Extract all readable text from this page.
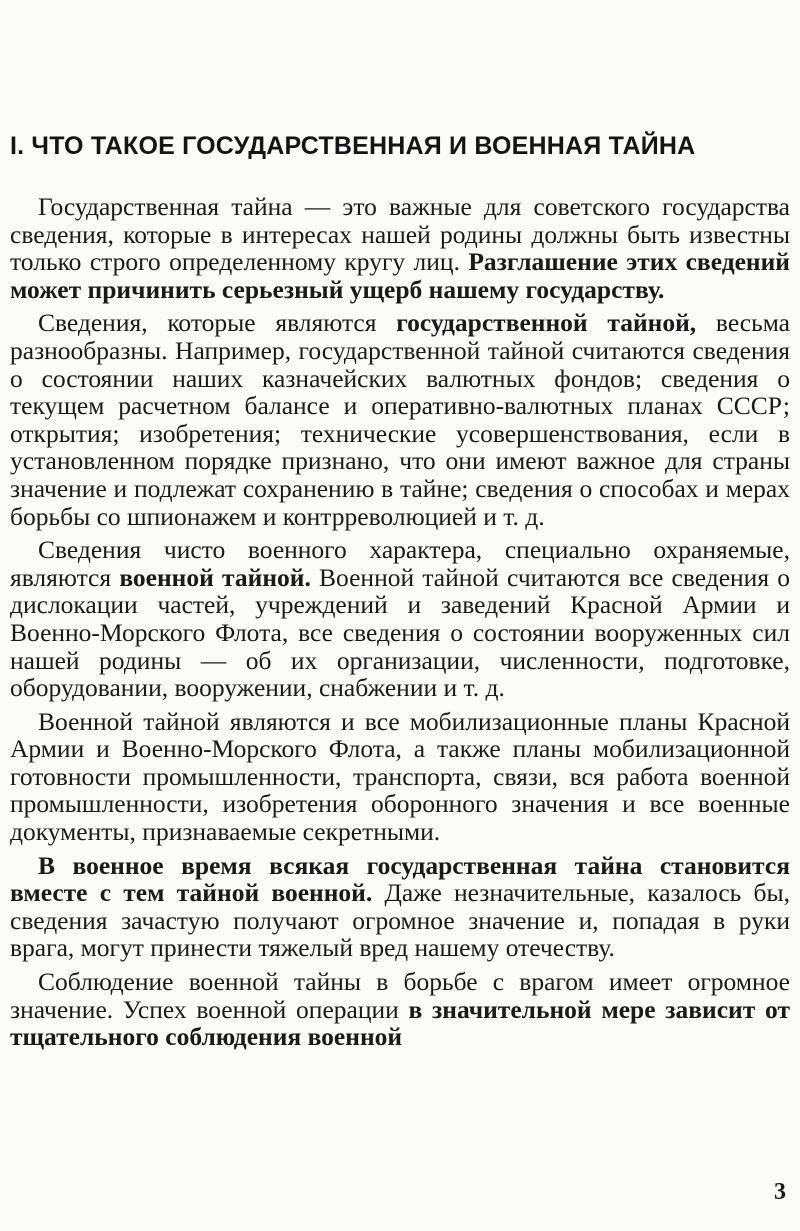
I. ЧТО ТАКОЕ ГОСУДАРСТВЕННАЯ И ВОЕННАЯ ТАЙНА

Государственная тайна — это важные для советского государства сведения, которые в интересах нашей родины должны быть известны только строго определенному кругу лиц. Разглашение этих сведений может причинить серьезный ущерб нашему государству.

Сведения, которые являются государственной тайной, весьма разнообразны. Например, государственной тайной считаются сведения о состоянии наших казначейских валютных фондов; сведения о текущем расчетном балансе и оперативно-валютных планах СССР; открытия; изобретения; технические усовершенствования, если в установленном порядке признано, что они имеют важное для страны значение и подлежат сохранению в тайне; сведения о способах и мерах борьбы со шпионажем и контрреволюцией и т. д.

Сведения чисто военного характера, специально охраняемые, являются военной тайной. Военной тайной считаются все сведения о дислокации частей, учреждений и заведений Красной Армии и Военно-Морского Флота, все сведения о состоянии вооруженных сил нашей родины — об их организации, численности, подготовке, оборудовании, вооружении, снабжении и т. д.

Военной тайной являются и все мобилизационные планы Красной Армии и Военно-Морского Флота, а также планы мобилизационной готовности промышленности, транспорта, связи, вся работа военной промышленности, изобретения оборонного значения и все военные документы, признаваемые секретными.

В военное время всякая государственная тайна становится вместе с тем тайной военной. Даже незначительные, казалось бы, сведения зачастую получают огромное значение и, попадая в руки врага, могут принести тяжелый вред нашему отечеству.

Соблюдение военной тайны в борьбе с врагом имеет огромное значение. Успех военной операции в значительной мере зависит от тщательного соблюдения военной

3
